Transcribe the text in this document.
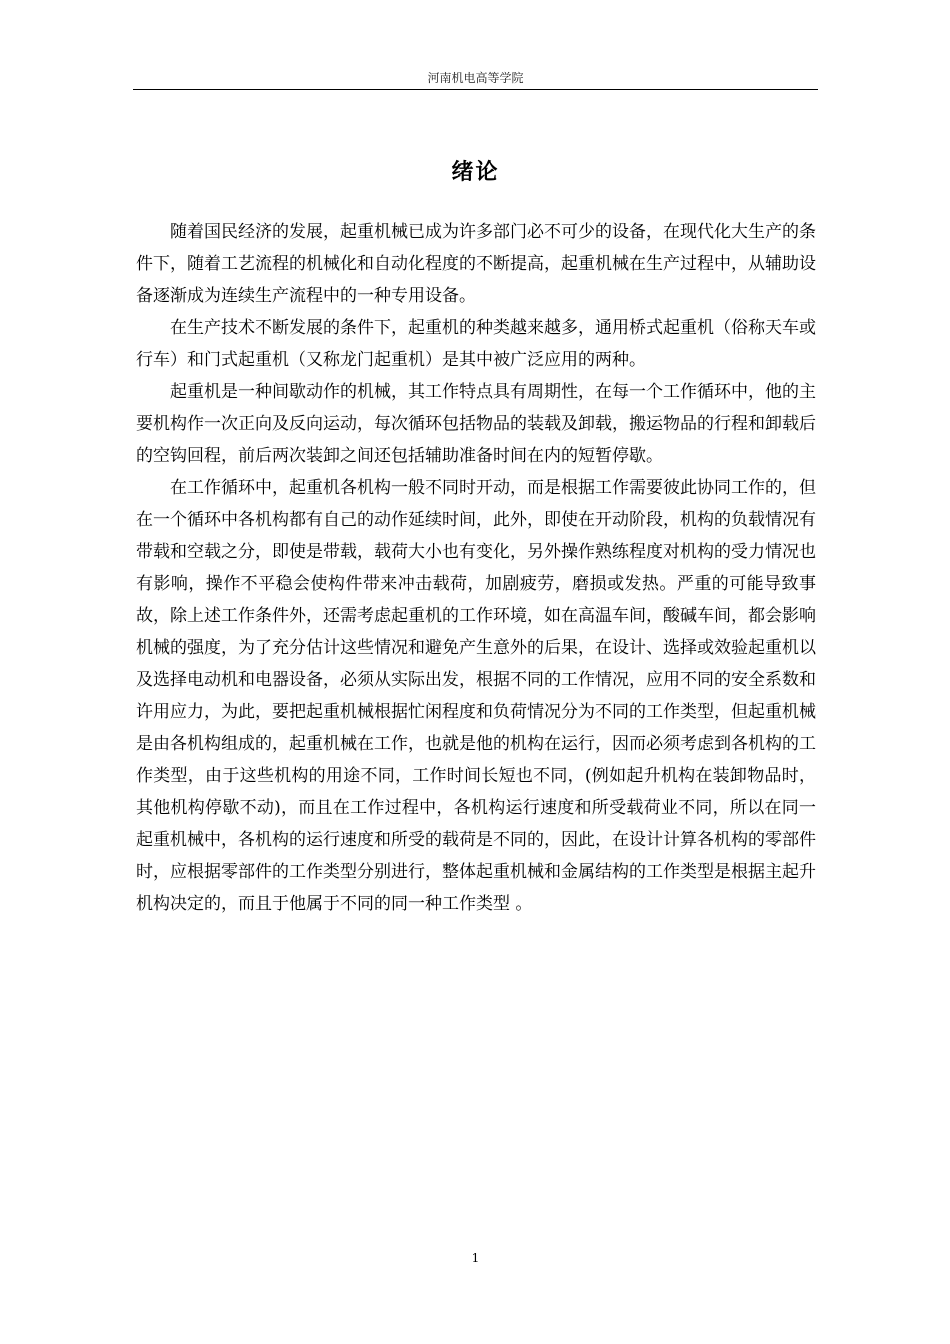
河南机电高等学院
绪论

随着国民经济的发展，起重机械已成为许多部门必不可少的设备，在现代化大生产的条件下，随着工艺流程的机械化和自动化程度的不断提高，起重机械在生产过程中，从辅助设备逐渐成为连续生产流程中的一种专用设备。

在生产技术不断发展的条件下，起重机的种类越来越多，通用桥式起重机（俗称天车或行车）和门式起重机（又称龙门起重机）是其中被广泛应用的两种。

起重机是一种间歇动作的机械，其工作特点具有周期性，在每一个工作循环中，他的主要机构作一次正向及反向运动，每次循环包括物品的装载及卸载，搬运物品的行程和卸载后的空钩回程，前后两次装卸之间还包括辅助准备时间在内的短暂停歇。

在工作循环中，起重机各机构一般不同时开动，而是根据工作需要彼此协同工作的，但在一个循环中各机构都有自己的动作延续时间，此外，即使在开动阶段，机构的负载情况有带载和空载之分，即使是带载，载荷大小也有变化，另外操作熟练程度对机构的受力情况也有影响，操作不平稳会使构件带来冲击载荷，加剧疲劳，磨损或发热。严重的可能导致事故，除上述工作条件外，还需考虑起重机的工作环境，如在高温车间，酸碱车间，都会影响机械的强度，为了充分估计这些情况和避免产生意外的后果，在设计、选择或效验起重机以及选择电动机和电器设备，必须从实际出发，根据不同的工作情况，应用不同的安全系数和许用应力，为此，要把起重机械根据忙闲程度和负荷情况分为不同的工作类型，但起重机械是由各机构组成的，起重机械在工作，也就是他的机构在运行，因而必须考虑到各机构的工作类型，由于这些机构的用途不同，工作时间长短也不同，(例如起升机构在装卸物品时，其他机构停歇不动)，而且在工作过程中，各机构运行速度和所受载荷业不同，所以在同一起重机械中，各机构的运行速度和所受的载荷是不同的，因此，在设计计算各机构的零部件时，应根据零部件的工作类型分别进行，整体起重机械和金属结构的工作类型是根据主起升机构决定的，而且于他属于不同的同一种工作类型 。

1
